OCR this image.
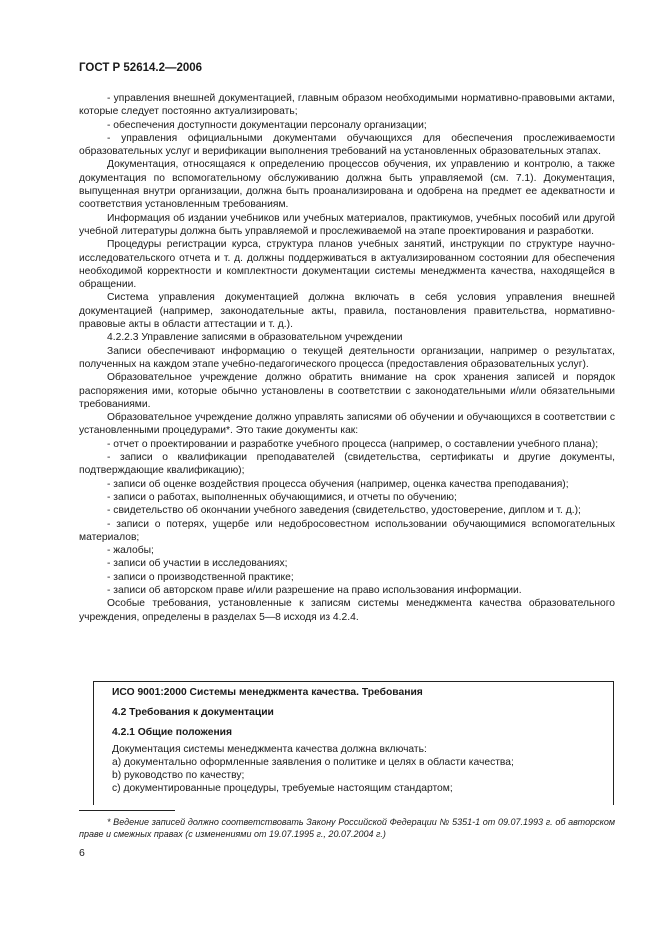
ГОСТ Р 52614.2—2006

- управления внешней документацией, главным образом необходимыми нормативно-правовыми актами, которые следует постоянно актуализировать;

- обеспечения доступности документации персоналу организации;

- управления официальными документами обучающихся для обеспечения прослеживаемости образовательных услуг и верификации выполнения требований на установленных образовательных этапах.

Документация, относящаяся к определению процессов обучения, их управлению и контролю, а также документация по вспомогательному обслуживанию должна быть управляемой (см. 7.1). Документация, выпущенная внутри организации, должна быть проанализирована и одобрена на предмет ее адекватности и соответствия установленным требованиям.

Информация об издании учебников или учебных материалов, практикумов, учебных пособий или другой учебной литературы должна быть управляемой и прослеживаемой на этапе проектирования и разработки.

Процедуры регистрации курса, структура планов учебных занятий, инструкции по структуре научно-исследовательского отчета и т. д. должны поддерживаться в актуализированном состоянии для обеспечения необходимой корректности и комплектности документации системы менеджмента качества, находящейся в обращении.

Система управления документацией должна включать в себя условия управления внешней документацией (например, законодательные акты, правила, постановления правительства, нормативно-правовые акты в области аттестации и т. д.).

4.2.2.3 Управление записями в образовательном учреждении

Записи обеспечивают информацию о текущей деятельности организации, например о результатах, полученных на каждом этапе учебно-педагогического процесса (предоставления образовательных услуг).

Образовательное учреждение должно обратить внимание на срок хранения записей и порядок распоряжения ими, которые обычно установлены в соответствии с законодательными и/или обязательными требованиями.

Образовательное учреждение должно управлять записями об обучении и обучающихся в соответствии с установленными процедурами*. Это такие документы как:

- отчет о проектировании и разработке учебного процесса (например, о составлении учебного плана);

- записи о квалификации преподавателей (свидетельства, сертификаты и другие документы, подтверждающие квалификацию);

- записи об оценке воздействия процесса обучения (например, оценка качества преподавания);

- записи о работах, выполненных обучающимися, и отчеты по обучению;

- свидетельство об окончании учебного заведения (свидетельство, удостоверение, диплом и т. д.);

- записи о потерях, ущербе или недобросовестном использовании обучающимися вспомогательных материалов;

- жалобы;

- записи об участии в исследованиях;

- записи о производственной практике;

- записи об авторском праве и/или разрешение на право использования информации.

Особые требования, установленные к записям системы менеджмента качества образовательного учреждения, определены в разделах 5—8 исходя из 4.2.4.

ИСО 9001:2000 Системы менеджмента качества. Требования
4.2 Требования к документации
4.2.1 Общие положения
Документация системы менеджмента качества должна включать:
a) документально оформленные заявления о политике и целях в области качества;
b) руководство по качеству;
c) документированные процедуры, требуемые настоящим стандартом;
* Ведение записей должно соответствовать Закону Российской Федерации № 5351-1 от 09.07.1993 г. об авторском праве и смежных правах (с изменениями от 19.07.1995 г., 20.07.2004 г.)
6
